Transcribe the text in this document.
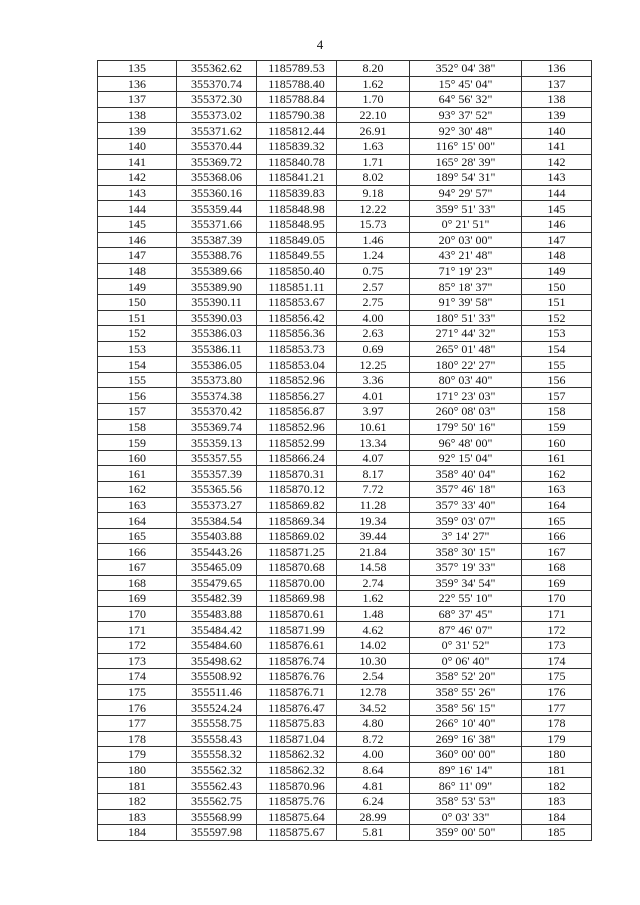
4
135	355362.62	1185789.53	8.20	352° 04' 38"	136
136	355370.74	1185788.40	1.62	15° 45' 04"	137
137	355372.30	1185788.84	1.70	64° 56' 32"	138
138	355373.02	1185790.38	22.10	93° 37' 52"	139
139	355371.62	1185812.44	26.91	92° 30' 48"	140
140	355370.44	1185839.32	1.63	116° 15' 00"	141
141	355369.72	1185840.78	1.71	165° 28' 39"	142
142	355368.06	1185841.21	8.02	189° 54' 31"	143
143	355360.16	1185839.83	9.18	94° 29' 57"	144
144	355359.44	1185848.98	12.22	359° 51' 33"	145
145	355371.66	1185848.95	15.73	0° 21' 51"	146
146	355387.39	1185849.05	1.46	20° 03' 00"	147
147	355388.76	1185849.55	1.24	43° 21' 48"	148
148	355389.66	1185850.40	0.75	71° 19' 23"	149
149	355389.90	1185851.11	2.57	85° 18' 37"	150
150	355390.11	1185853.67	2.75	91° 39' 58"	151
151	355390.03	1185856.42	4.00	180° 51' 33"	152
152	355386.03	1185856.36	2.63	271° 44' 32"	153
153	355386.11	1185853.73	0.69	265° 01' 48"	154
154	355386.05	1185853.04	12.25	180° 22' 27"	155
155	355373.80	1185852.96	3.36	80° 03' 40"	156
156	355374.38	1185856.27	4.01	171° 23' 03"	157
157	355370.42	1185856.87	3.97	260° 08' 03"	158
158	355369.74	1185852.96	10.61	179° 50' 16"	159
159	355359.13	1185852.99	13.34	96° 48' 00"	160
160	355357.55	1185866.24	4.07	92° 15' 04"	161
161	355357.39	1185870.31	8.17	358° 40' 04"	162
162	355365.56	1185870.12	7.72	357° 46' 18"	163
163	355373.27	1185869.82	11.28	357° 33' 40"	164
164	355384.54	1185869.34	19.34	359° 03' 07"	165
165	355403.88	1185869.02	39.44	3° 14' 27"	166
166	355443.26	1185871.25	21.84	358° 30' 15"	167
167	355465.09	1185870.68	14.58	357° 19' 33"	168
168	355479.65	1185870.00	2.74	359° 34' 54"	169
169	355482.39	1185869.98	1.62	22° 55' 10"	170
170	355483.88	1185870.61	1.48	68° 37' 45"	171
171	355484.42	1185871.99	4.62	87° 46' 07"	172
172	355484.60	1185876.61	14.02	0° 31' 52"	173
173	355498.62	1185876.74	10.30	0° 06' 40"	174
174	355508.92	1185876.76	2.54	358° 52' 20"	175
175	355511.46	1185876.71	12.78	358° 55' 26"	176
176	355524.24	1185876.47	34.52	358° 56' 15"	177
177	355558.75	1185875.83	4.80	266° 10' 40"	178
178	355558.43	1185871.04	8.72	269° 16' 38"	179
179	355558.32	1185862.32	4.00	360° 00' 00"	180
180	355562.32	1185862.32	8.64	89° 16' 14"	181
181	355562.43	1185870.96	4.81	86° 11' 09"	182
182	355562.75	1185875.76	6.24	358° 53' 53"	183
183	355568.99	1185875.64	28.99	0° 03' 33"	184
184	355597.98	1185875.67	5.81	359° 00' 50"	185
